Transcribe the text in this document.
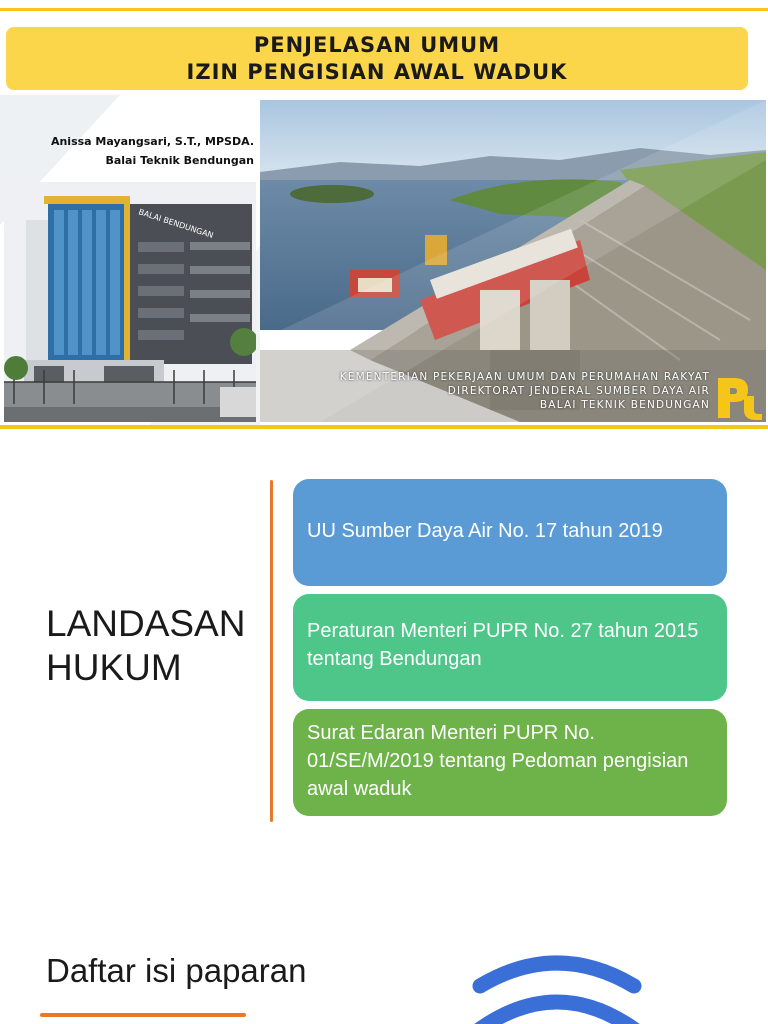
PENJELASAN UMUM
IZIN PENGISIAN AWAL WADUK
Anissa Mayangsari, S.T., MPSDA.
Balai Teknik Bendungan
BALAI BENDUNGAN
KEMENTERIAN PEKERJAAN UMUM DAN PERUMAHAN RAKYAT
DIREKTORAT JENDERAL SUMBER DAYA AIR
BALAI TEKNIK BENDUNGAN
LANDASAN HUKUM
UU Sumber Daya Air No. 17 tahun 2019
Peraturan Menteri PUPR No. 27 tahun 2015 tentang Bendungan
Surat Edaran Menteri PUPR No. 01/SE/M/2019 tentang Pedoman pengisian awal waduk
Daftar isi paparan
